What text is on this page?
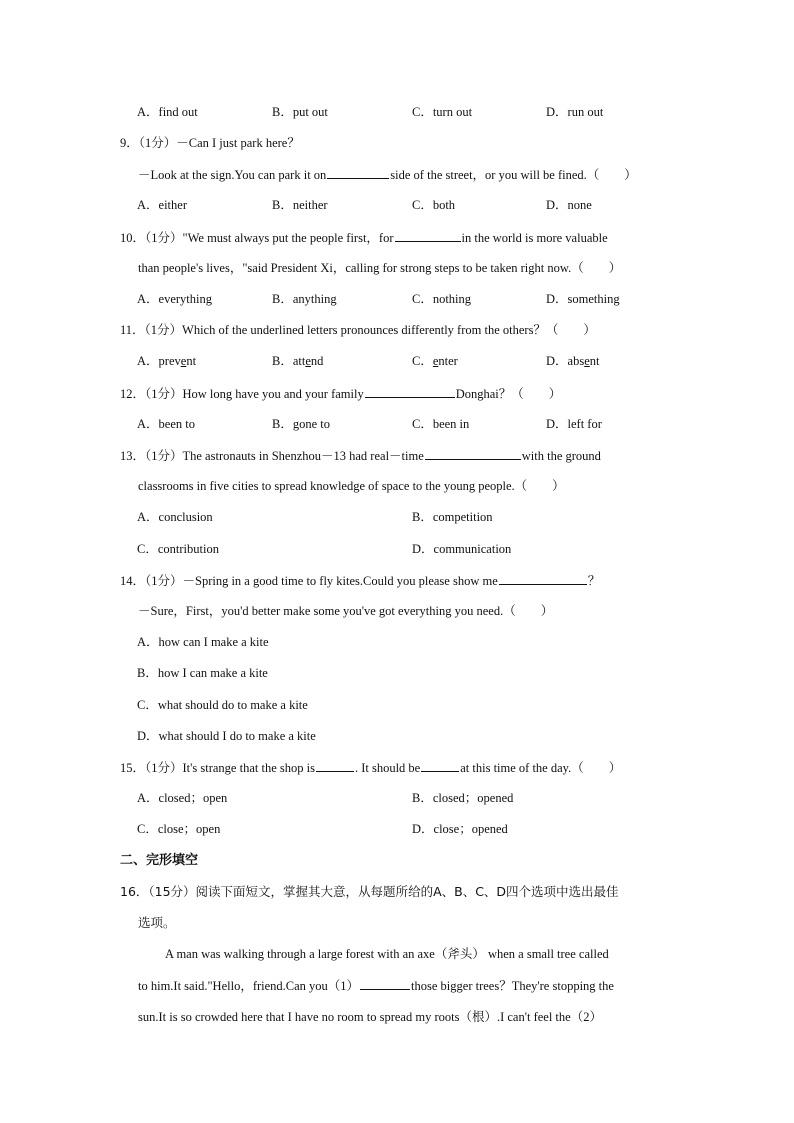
A．find out	B．put out	C．turn out	D．run out
9．（1分）－Can I just park here？
－Look at the sign.You can park it on	side of the street，or you will be fined.（　　）
A．either	B．neither	C．both	D．none
10．（1分）"We must always put the people first，for	in the world is more valuable
than people's lives，"said President Xi，calling for strong steps to be taken right now.（　　）
A．everything	B．anything	C．nothing	D．something
11．（1分）Which of the underlined letters pronounces differently from the others？（　　）
A．prevent	B．attend	C．enter	D．absent
12．（1分）How long have you and your family	Donghai？（　　）
A．been to	B．gone to	C．been in	D．left for
13．（1分）The astronauts in Shenzhou－13 had real－time	with the ground
classrooms in five cities to spread knowledge of space to the young people.（　　）
A．conclusion	B．competition
C．contribution	D．communication
14．（1分）－Spring in a good time to fly kites.Could you please show me	？
－Sure，First，you'd better make some you've got everything you need.（　　）
A．how can I make a kite
B．how I can make a kite
C．what should do to make a kite
D．what should I do to make a kite
15．（1分）It's strange that the shop is	. It should be	at this time of the day.（　　）
A．closed；open	B．closed；opened
C．close；open	D．close；opened
二、完形填空
16．（15分）阅读下面短文，掌握其大意，从每题所给的A、B、C、D四个选项中选出最佳
选项。
A man was walking through a large forest with an axe（斧头） when a small tree called
to him.It said."Hello，friend.Can you（1）	those bigger trees？They're stopping the
sun.It is so crowded here that I have no room to spread my roots（根）.I can't feel the（2）
